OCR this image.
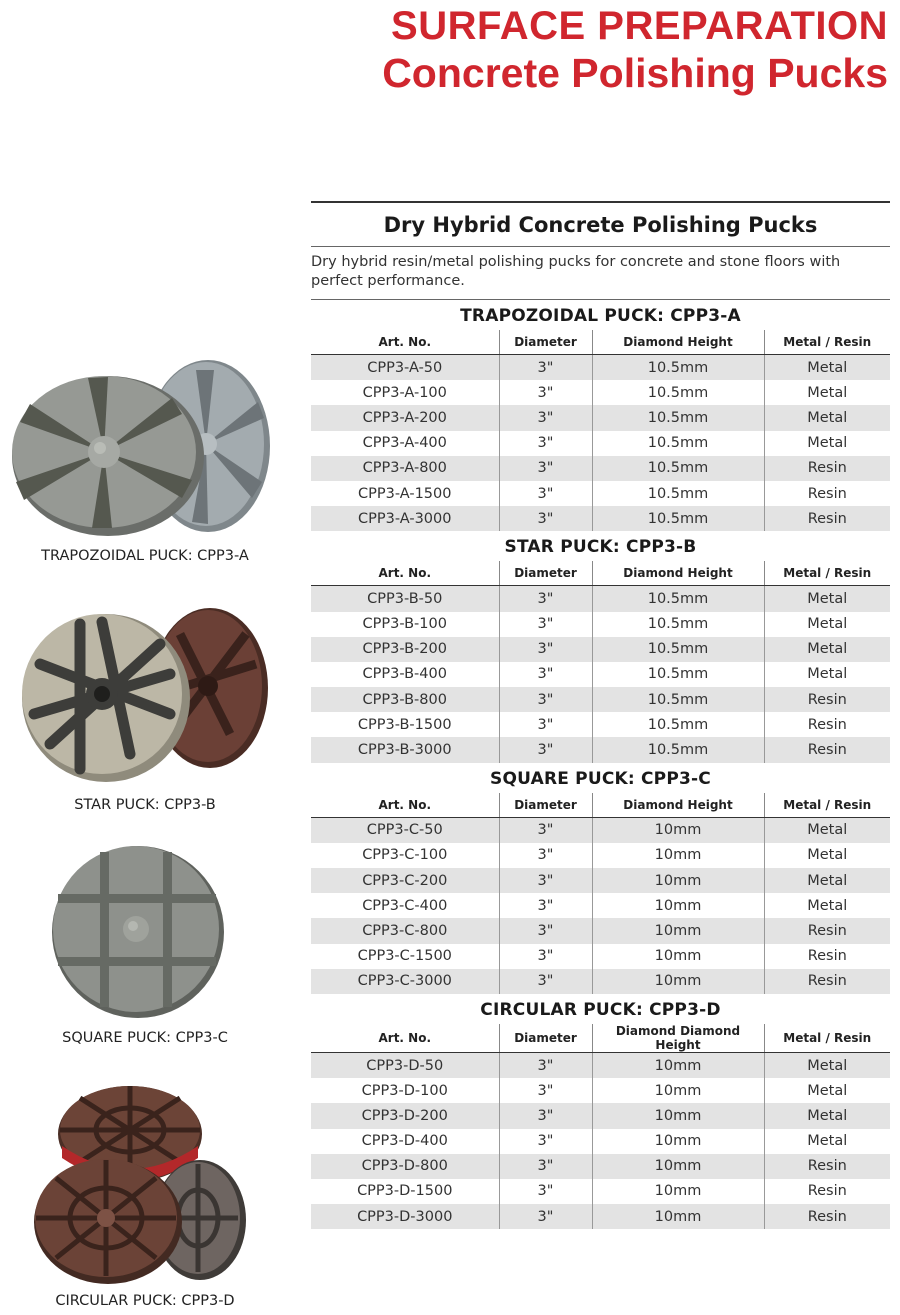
SURFACE PREPARATION
Concrete Polishing Pucks
TRAPOZOIDAL PUCK: CPP3-A
STAR PUCK: CPP3-B
SQUARE PUCK: CPP3-C
CIRCULAR PUCK: CPP3-D
Dry Hybrid Concrete Polishing Pucks
Dry hybrid resin/metal polishing pucks for concrete and stone floors with perfect performance.
TRAPOZOIDAL PUCK: CPP3-A
Art. No.	Diameter	Diamond Height	Metal / Resin
CPP3-A-50	3"	10.5mm	Metal
CPP3-A-100	3"	10.5mm	Metal
CPP3-A-200	3"	10.5mm	Metal
CPP3-A-400	3"	10.5mm	Metal
CPP3-A-800	3"	10.5mm	Resin
CPP3-A-1500	3"	10.5mm	Resin
CPP3-A-3000	3"	10.5mm	Resin
STAR PUCK: CPP3-B
Art. No.	Diameter	Diamond Height	Metal / Resin
CPP3-B-50	3"	10.5mm	Metal
CPP3-B-100	3"	10.5mm	Metal
CPP3-B-200	3"	10.5mm	Metal
CPP3-B-400	3"	10.5mm	Metal
CPP3-B-800	3"	10.5mm	Resin
CPP3-B-1500	3"	10.5mm	Resin
CPP3-B-3000	3"	10.5mm	Resin
SQUARE PUCK: CPP3-C
Art. No.	Diameter	Diamond Height	Metal / Resin
CPP3-C-50	3"	10mm	Metal
CPP3-C-100	3"	10mm	Metal
CPP3-C-200	3"	10mm	Metal
CPP3-C-400	3"	10mm	Metal
CPP3-C-800	3"	10mm	Resin
CPP3-C-1500	3"	10mm	Resin
CPP3-C-3000	3"	10mm	Resin
CIRCULAR PUCK: CPP3-D
Art. No.	Diameter	Diamond Diamond Height	Metal / Resin
CPP3-D-50	3"	10mm	Metal
CPP3-D-100	3"	10mm	Metal
CPP3-D-200	3"	10mm	Metal
CPP3-D-400	3"	10mm	Metal
CPP3-D-800	3"	10mm	Resin
CPP3-D-1500	3"	10mm	Resin
CPP3-D-3000	3"	10mm	Resin
